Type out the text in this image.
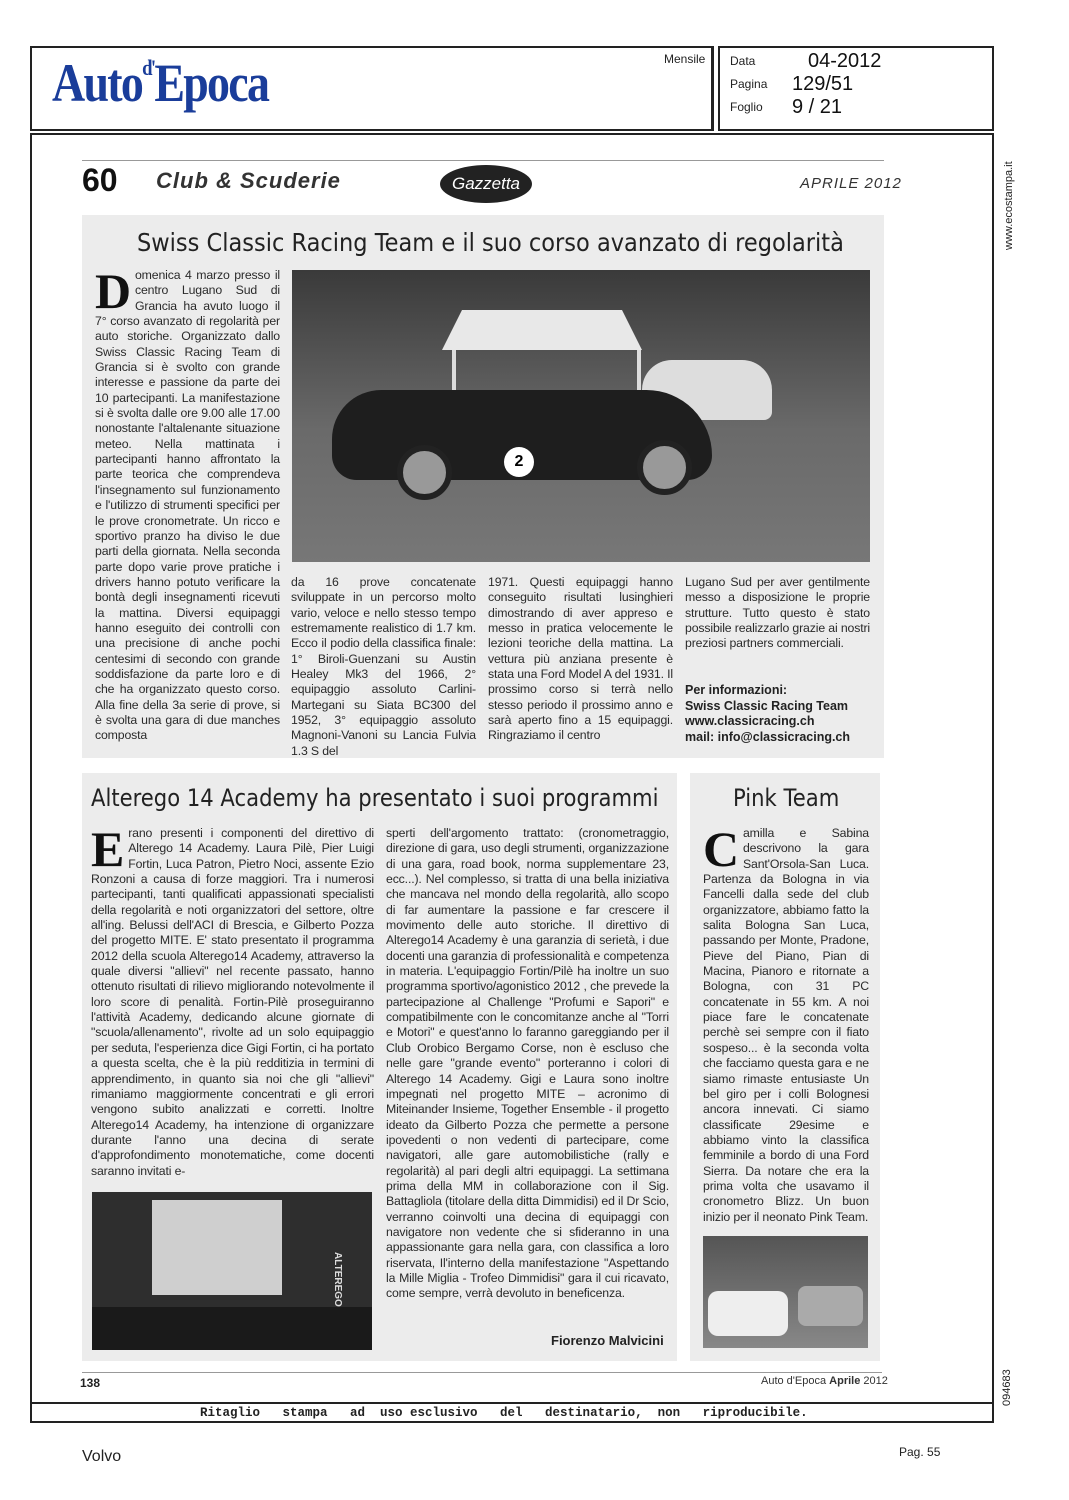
Auto$^{d'}$Epoca	Mensile Data	04-2012
Pagina 129/51
Foglio 9 / 21
www.ecostampa.it
094683
60 Club & Scuderie	Gazzetta	APRILE 2012
Swiss Classic Racing Team e il suo corso avanzato di regolarità
Domenica 4 marzo presso il centro Lugano Sud di Grancia ha avuto luogo il 7° corso avanzato di regolarità per auto storiche. Organizzato dallo Swiss Classic Racing Team di Grancia si è svolto con grande interesse e passione da parte dei 10 partecipanti. La manifestazione si è svolta dalle ore 9.00 alle 17.00 nonostante l'altalenante situazione meteo. Nella mattinata i partecipanti hanno affrontato la parte teorica che comprendeva l'insegnamento sul funzionamento e l'utilizzo di strumenti specifici per le prove cronometrate. Un ricco e sportivo pranzo ha diviso le due parti della giornata. Nella seconda parte dopo varie prove pratiche i drivers hanno potuto verificare la bontà degli insegnamenti ricevuti la mattina. Diversi equipaggi hanno eseguito dei controlli con una precisione di anche pochi centesimi di secondo con grande soddisfazione da parte loro e di che ha organizzato questo corso. Alla fine della 3a serie di prove, si è svolta una gara di due manches composta
2
da 16 prove concatenate sviluppate in un percorso molto vario, veloce e nello stesso tempo estremamente realistico di 1.7 km. Ecco il podio della classifica finale: 1° Biroli-Guenzani su Austin Healey Mk3 del 1966, 2° equipaggio assoluto Carlini-Martegani su Siata BC300 del 1952, 3° equipaggio assoluto Magnoni-Vanoni su Lancia Fulvia 1.3 S del
1971. Questi equipaggi hanno conseguito risultati lusinghieri dimostrando di aver appreso e messo in pratica velocemente le lezioni teoriche della mattina. La vettura più anziana presente è stata una Ford Model A del 1931. Il prossimo corso si terrà nello stesso periodo il prossimo anno e sarà aperto fino a 15 equipaggi. Ringraziamo il centro
Lugano Sud per aver gentilmente messo a disposizione le proprie strutture. Tutto questo è stato possibile realizzarlo grazie ai nostri preziosi partners commerciali.
Per informazioni:
Swiss Classic Racing Team
www.classicracing.ch
mail: info@classicracing.ch
Alterego 14 Academy ha presentato i suoi programmi
Erano presenti i componenti del direttivo di Alterego 14 Academy. Laura Pilè, Pier Luigi Fortin, Luca Patron, Pietro Noci, assente Ezio Ronzoni a causa di forze maggiori. Tra i numerosi partecipanti, tanti qualificati appassionati specialisti della regolarità e noti organizzatori del settore, oltre all'ing. Belussi dell'ACI di Brescia, e Gilberto Pozza del progetto MITE. E' stato presentato il programma 2012 della scuola Alterego14 Academy, attraverso la quale diversi "allievi" nel recente passato, hanno ottenuto risultati di rilievo migliorando notevolmente il loro score di penalità. Fortin-Pilè proseguiranno l'attività Academy, dedicando alcune giornate di "scuola/allenamento", rivolte ad un solo equipaggio per seduta, l'esperienza dice Gigi Fortin, ci ha portato a questa scelta, che è la più redditizia in termini di apprendimento, in quanto sia noi che gli "allievi" rimaniamo maggiormente concentrati e gli errori vengono subito analizzati e corretti. Inoltre Alterego14 Academy, ha intenzione di organizzare durante l'anno una decina di serate d'approfondimento monotematiche, come docenti saranno invitati e-
sperti dell'argomento trattato: (cronometraggio, direzione di gara, uso degli strumenti, organizzazione di una gara, road book, norma supplementare 23, ecc...). Nel complesso, si tratta di una bella iniziativa che mancava nel mondo della regolarità, allo scopo di far aumentare la passione e far crescere il movimento delle auto storiche. Il direttivo di Alterego14 Academy è una garanzia di serietà, i due docenti una garanzia di professionalità e competenza in materia. L'equipaggio Fortin/Pilè ha inoltre un suo programma sportivo/agonistico 2012 , che prevede la partecipazione al Challenge "Profumi e Sapori" e compatibilmente con le concomitanze anche al "Torri e Motori" e quest'anno lo faranno gareggiando per il Club Orobico Bergamo Corse, non è escluso che nelle gare "grande evento" porteranno i colori di Alterego 14 Academy. Gigi e Laura sono inoltre impegnati nel progetto MITE – acronimo di Miteinander Insieme, Together Ensemble - il progetto ideato da Gilberto Pozza che permette a persone ipovedenti o non vedenti di partecipare, come navigatori, alle gare automobilistiche (rally e regolarità) al pari degli altri equipaggi. La settimana prima della MM in collaborazione con il Sig. Battagliola (titolare della ditta Dimmidisi) ed il Dr Scio, verranno coinvolti una decina di equipaggi con navigatore non vedente che si sfideranno in una appassionante gara nella gara, con classifica a loro riservata, Il'interno della manifestazione "Aspettando la Mille Miglia - Trofeo Dimmidisi" gara il cui ricavato, come sempre, verrà devoluto in beneficenza.
Fiorenzo Malvicini
ALTEREGO
Pink Team
Camilla e Sabina descrivono la gara Sant'Orsola-San Luca. Partenza da Bologna in via Fancelli dalla sede del club organizzatore, abbiamo fatto la salita Bologna San Luca, passando per Monte, Pradone, Pieve del Piano, Pian di Macina, Pianoro e ritornate a Bologna, con 31 PC concatenate in 55 km. A noi piace fare le concatenate perchè sei sempre con il fiato sospeso... è la seconda volta che facciamo questa gara e ne siamo rimaste entusiaste Un bel giro per i colli Bolognesi ancora innevati. Ci siamo classificate 29esime e abbiamo vinto la classifica femminile a bordo di una Ford Sierra. Da notare che era la prima volta che usavamo il cronometro Blizz. Un buon inizio per il neonato Pink Team.
138	Auto d'Epoca Aprile 2012
Ritaglio   stampa   ad  uso esclusivo   del   destinatario,  non   riproducibile.
Volvo	Pag. 55
